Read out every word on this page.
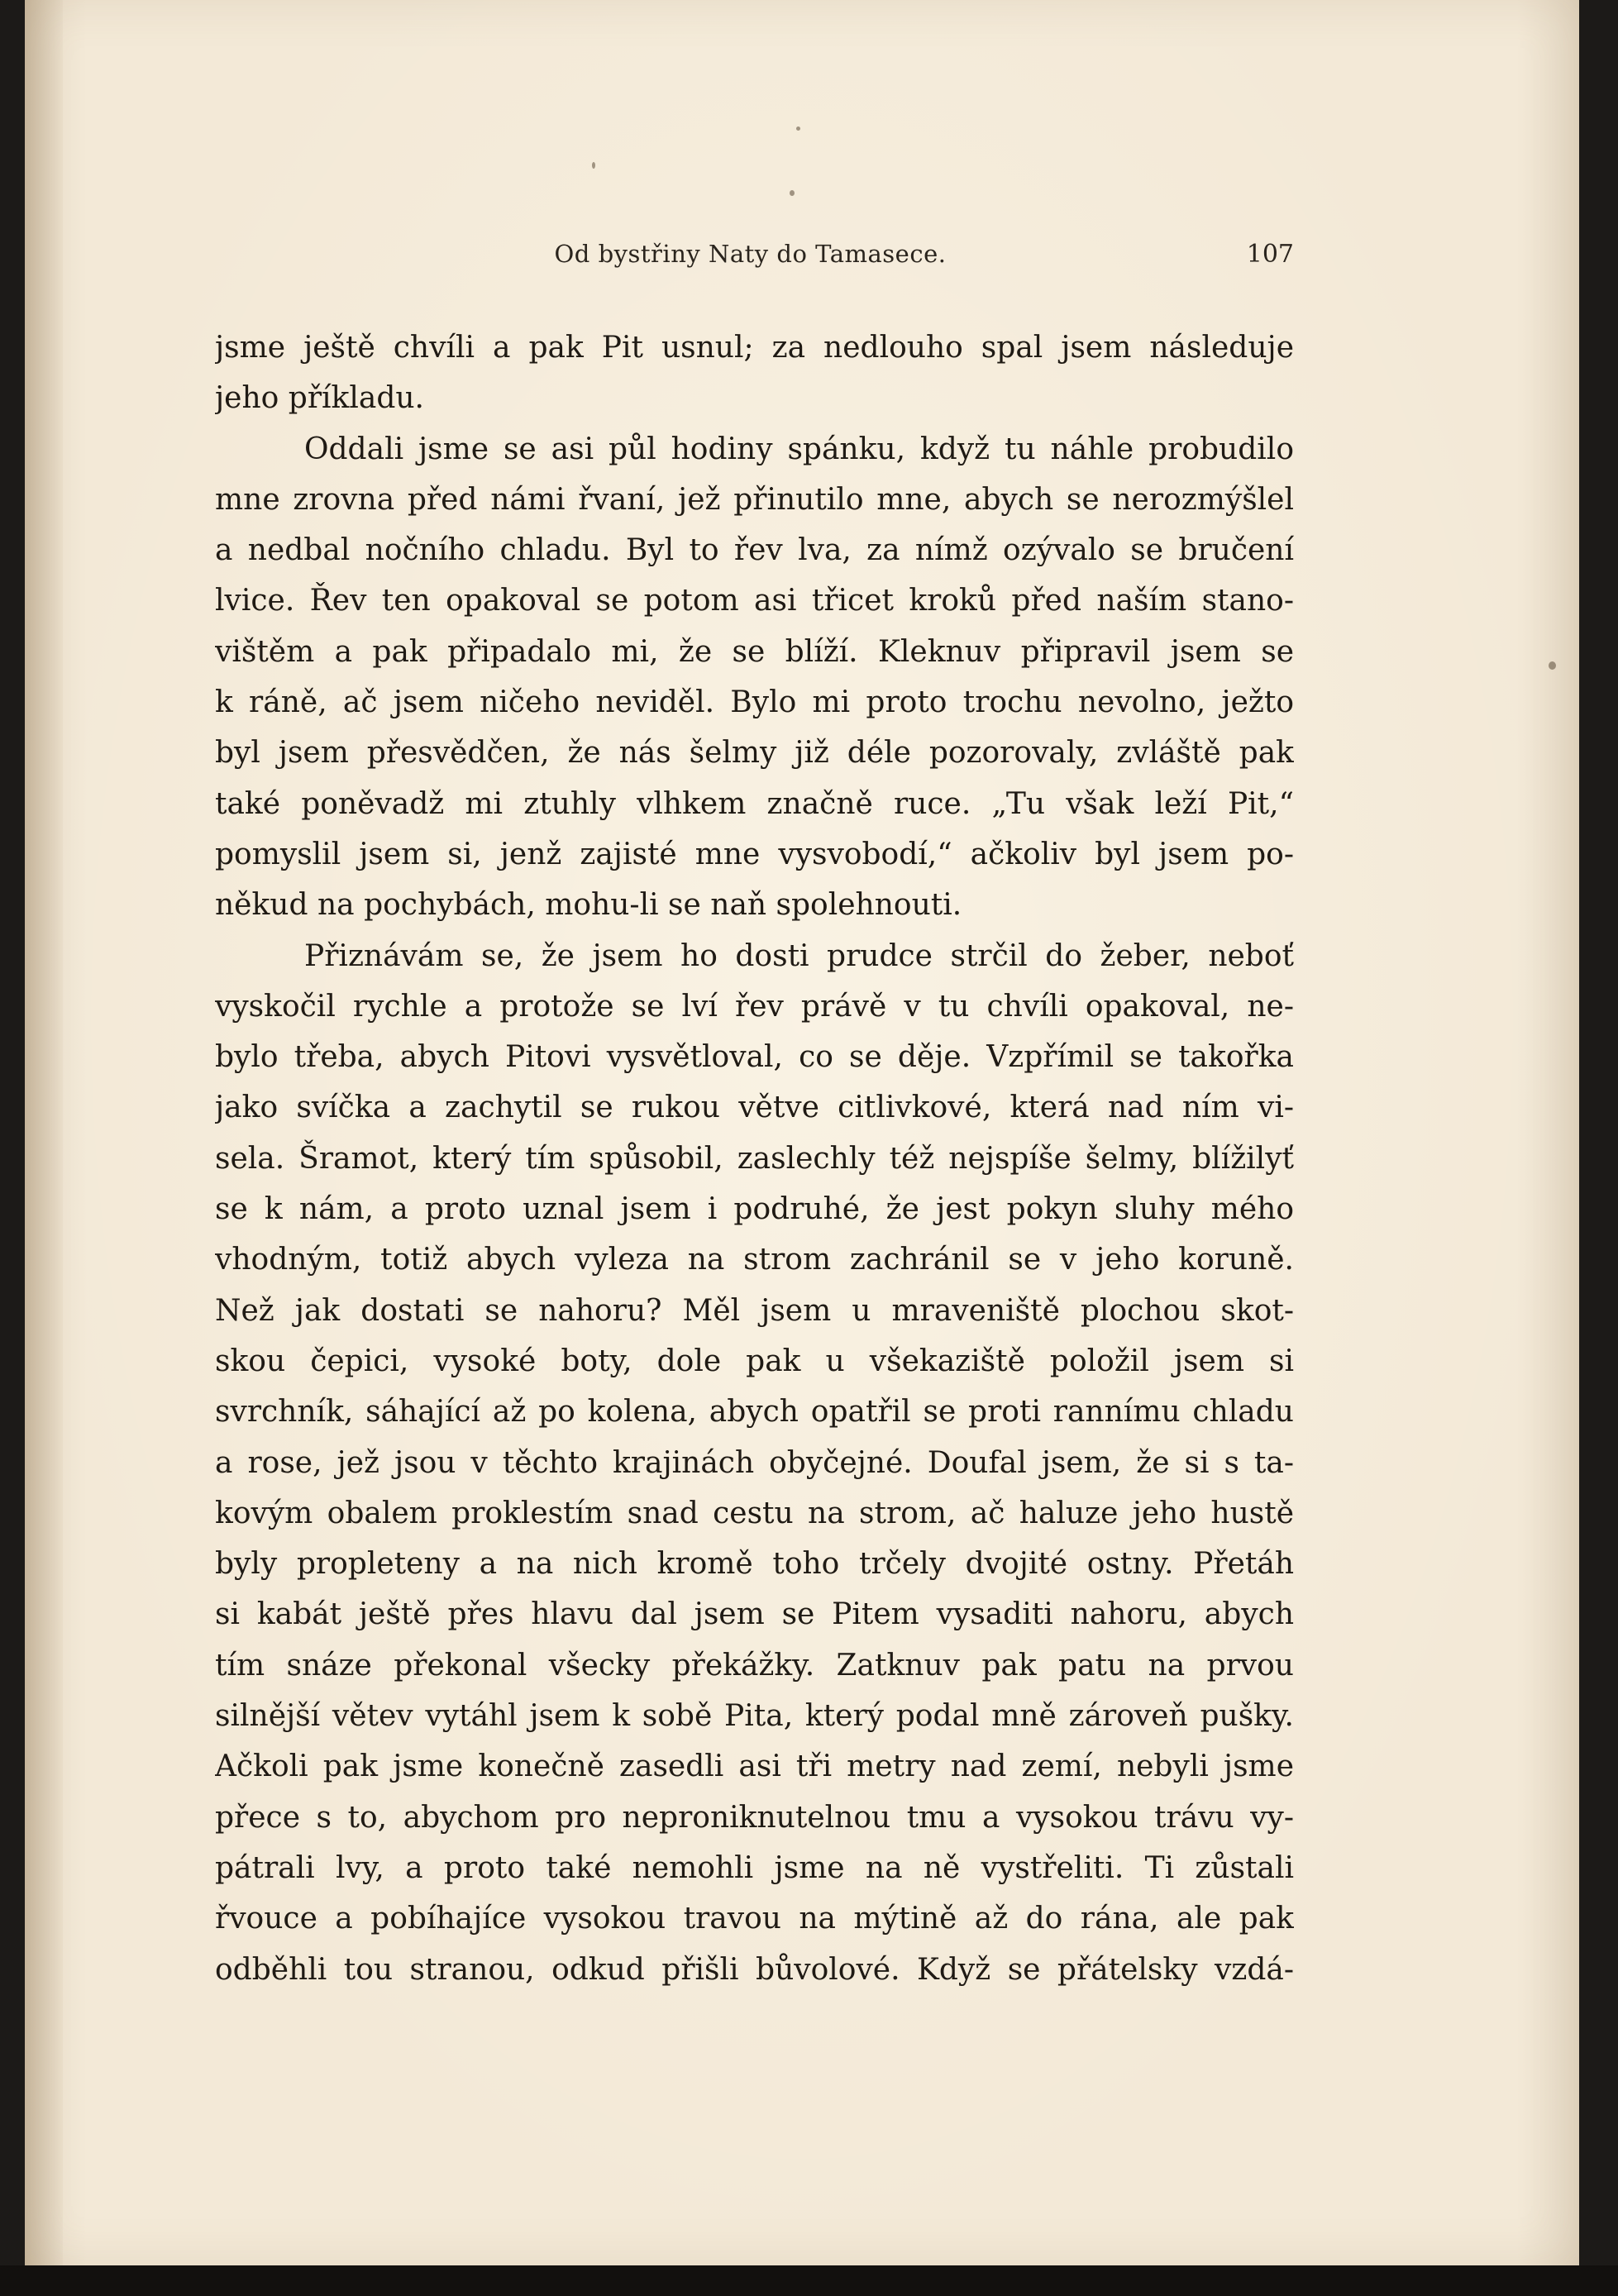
Od bystřiny Naty do Tamasece.	107
jsme ještě chvíli a pak Pit usnul; za nedlouho spal jsem následuje
jeho příkladu.
Oddali jsme se asi půl hodiny spánku, když tu náhle probudilo
mne zrovna před námi řvaní, jež přinutilo mne, abych se nerozmýšlel
a nedbal nočního chladu. Byl to řev lva, za nímž ozývalo se bručení
lvice. Řev ten opakoval se potom asi třicet kroků před naším stano-
vištěm a pak připadalo mi, že se blíží. Kleknuv připravil jsem se
k ráně, ač jsem ničeho neviděl. Bylo mi proto trochu nevolno, ježto
byl jsem přesvědčen, že nás šelmy již déle pozorovaly, zvláště pak
také poněvadž mi ztuhly vlhkem značně ruce. „Tu však leží Pit,“
pomyslil jsem si, jenž zajisté mne vysvobodí,“ ačkoliv byl jsem po-
někud na pochybách, mohu-li se naň spolehnouti.
Přiznávám se, že jsem ho dosti prudce strčil do žeber, neboť
vyskočil rychle a protože se lví řev právě v tu chvíli opakoval, ne-
bylo třeba, abych Pitovi vysvětloval, co se děje. Vzpřímil se takořka
jako svíčka a zachytil se rukou větve citlivkové, která nad ním vi-
sela. Šramot, který tím spůsobil, zaslechly též nejspíše šelmy, blížilyť
se k nám, a proto uznal jsem i podruhé, že jest pokyn sluhy mého
vhodným, totiž abych vyleza na strom zachránil se v jeho koruně.
Než jak dostati se nahoru? Měl jsem u mraveniště plochou skot-
skou čepici, vysoké boty, dole pak u všekaziště položil jsem si
svrchník, sáhající až po kolena, abych opatřil se proti rannímu chladu
a rose, jež jsou v těchto krajinách obyčejné. Doufal jsem, že si s ta-
kovým obalem proklestím snad cestu na strom, ač haluze jeho hustě
byly propleteny a na nich kromě toho trčely dvojité ostny. Přetáh
si kabát ještě přes hlavu dal jsem se Pitem vysaditi nahoru, abych
tím snáze překonal všecky překážky. Zatknuv pak patu na prvou
silnější větev vytáhl jsem k sobě Pita, který podal mně zároveň pušky.
Ačkoli pak jsme konečně zasedli asi tři metry nad zemí, nebyli jsme
přece s to, abychom pro neproniknutelnou tmu a vysokou trávu vy-
pátrali lvy, a proto také nemohli jsme na ně vystřeliti. Ti zůstali
řvouce a pobíhajíce vysokou travou na mýtině až do rána, ale pak
odběhli tou stranou, odkud přišli bůvolové. Když se přátelsky vzdá-
